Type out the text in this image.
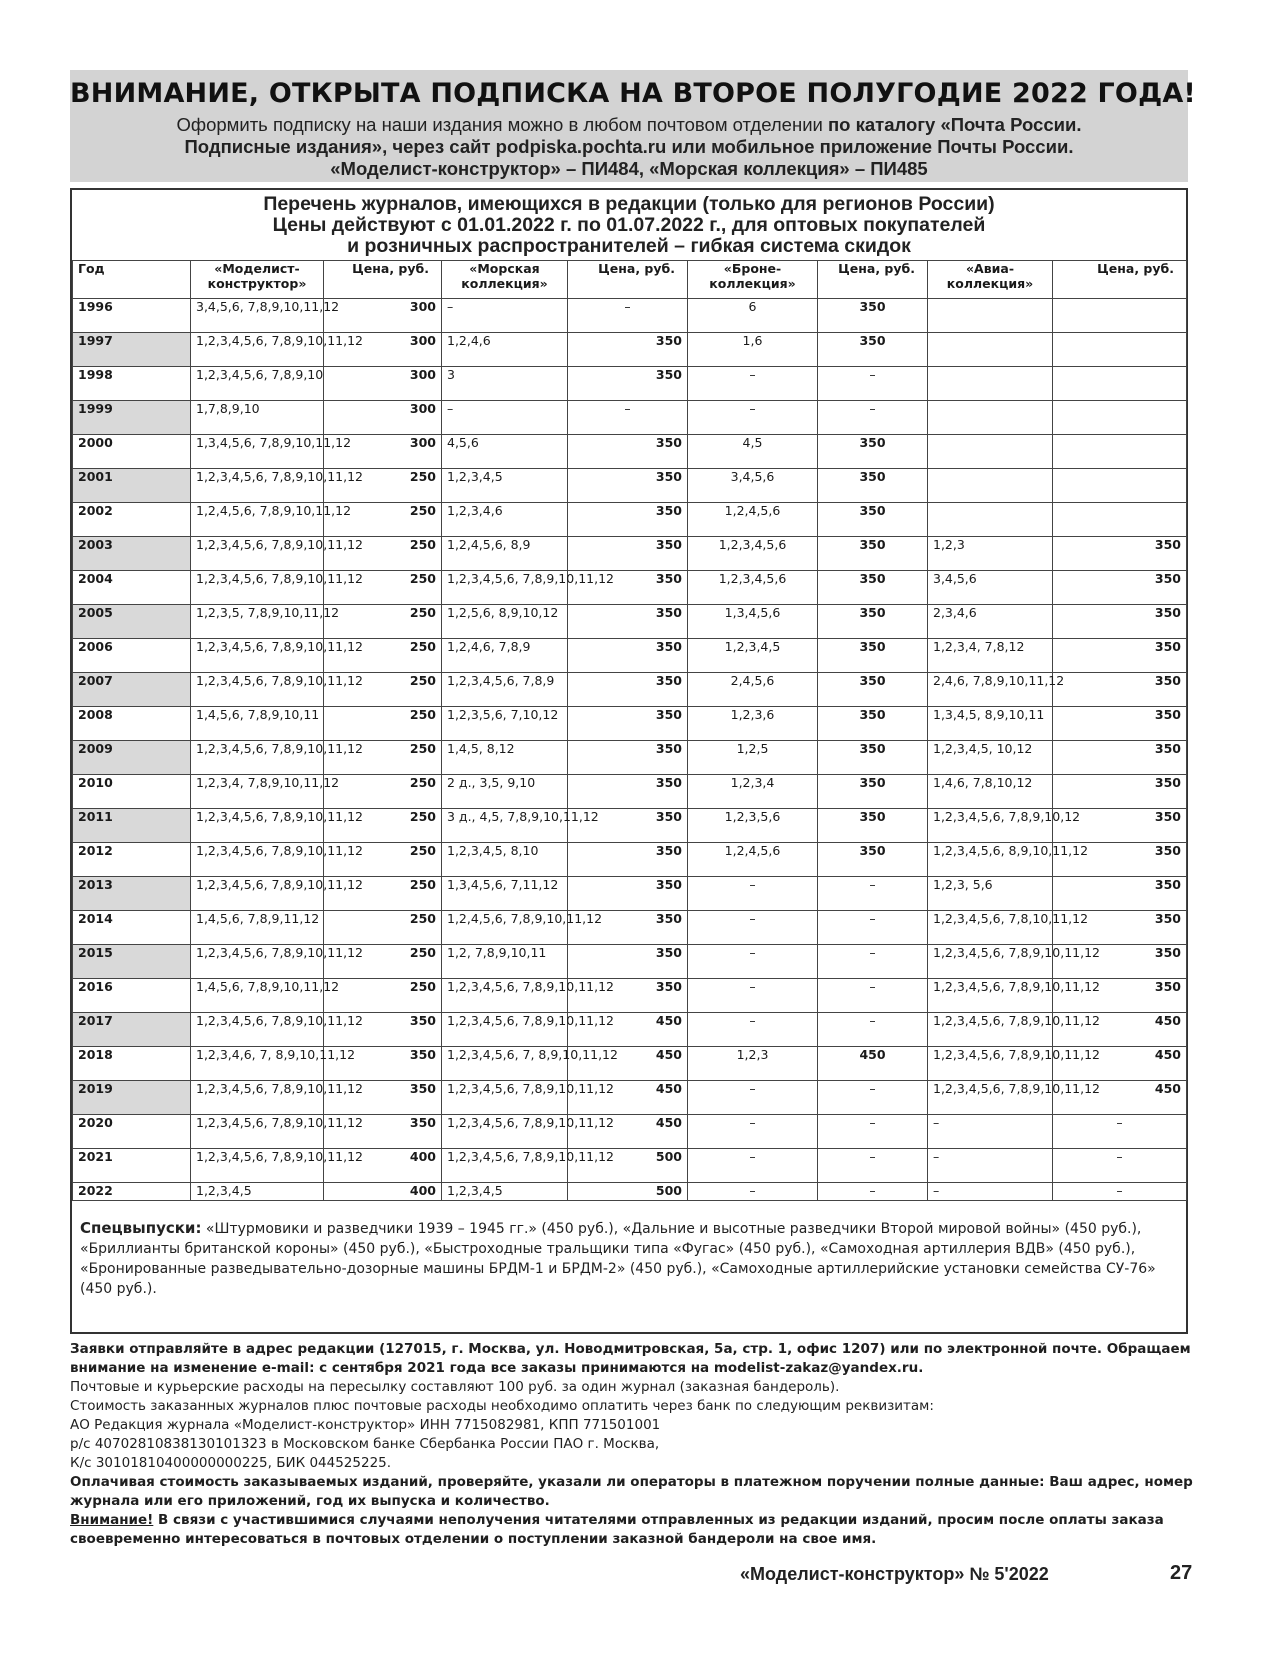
ВНИМАНИЕ, ОТКРЫТА ПОДПИСКА НА ВТОРОЕ ПОЛУГОДИЕ 2022 ГОДА!
Оформить подписку на наши издания можно в любом почтовом отделении по каталогу «Почта России.
Подписные издания», через сайт podpiska.pochta.ru или мобильное приложение Почты России.
«Моделист-конструктор» – ПИ484, «Морская коллекция» – ПИ485
Перечень журналов, имеющихся в редакции (только для регионов России)
Цены действуют с 01.01.2022 г. по 01.07.2022 г., для оптовых покупателей
и розничных распространителей – гибкая система скидок
Год	«Моделист-конструктор»	Цена, руб.	«Морская коллекция»	Цена, руб.	«Броне-коллекция»	Цена, руб.	«Авиа-коллекция»	Цена, руб.
1996	3,4,5,6, 7,8,9,10,11,12	300	–	–	6	350		
1997	1,2,3,4,5,6, 7,8,9,10,11,12	300	1,2,4,6	350	1,6	350		
1998	1,2,3,4,5,6, 7,8,9,10	300	3	350	–	–		
1999	1,7,8,9,10	300	–	–	–	–		
2000	1,3,4,5,6, 7,8,9,10,11,12	300	4,5,6	350	4,5	350		
2001	1,2,3,4,5,6, 7,8,9,10,11,12	250	1,2,3,4,5	350	3,4,5,6	350		
2002	1,2,4,5,6, 7,8,9,10,11,12	250	1,2,3,4,6	350	1,2,4,5,6	350		
2003	1,2,3,4,5,6, 7,8,9,10,11,12	250	1,2,4,5,6, 8,9	350	1,2,3,4,5,6	350	1,2,3	350
2004	1,2,3,4,5,6, 7,8,9,10,11,12	250	1,2,3,4,5,6, 7,8,9,10,11,12	350	1,2,3,4,5,6	350	3,4,5,6	350
2005	1,2,3,5, 7,8,9,10,11,12	250	1,2,5,6, 8,9,10,12	350	1,3,4,5,6	350	2,3,4,6	350
2006	1,2,3,4,5,6, 7,8,9,10,11,12	250	1,2,4,6, 7,8,9	350	1,2,3,4,5	350	1,2,3,4, 7,8,12	350
2007	1,2,3,4,5,6, 7,8,9,10,11,12	250	1,2,3,4,5,6, 7,8,9	350	2,4,5,6	350	2,4,6, 7,8,9,10,11,12	350
2008	1,4,5,6, 7,8,9,10,11	250	1,2,3,5,6, 7,10,12	350	1,2,3,6	350	1,3,4,5, 8,9,10,11	350
2009	1,2,3,4,5,6, 7,8,9,10,11,12	250	1,4,5, 8,12	350	1,2,5	350	1,2,3,4,5, 10,12	350
2010	1,2,3,4, 7,8,9,10,11,12	250	2 д., 3,5, 9,10	350	1,2,3,4	350	1,4,6, 7,8,10,12	350
2011	1,2,3,4,5,6, 7,8,9,10,11,12	250	3 д., 4,5, 7,8,9,10,11,12	350	1,2,3,5,6	350	1,2,3,4,5,6, 7,8,9,10,12	350
2012	1,2,3,4,5,6, 7,8,9,10,11,12	250	1,2,3,4,5, 8,10	350	1,2,4,5,6	350	1,2,3,4,5,6, 8,9,10,11,12	350
2013	1,2,3,4,5,6, 7,8,9,10,11,12	250	1,3,4,5,6, 7,11,12	350	–	–	1,2,3, 5,6	350
2014	1,4,5,6, 7,8,9,11,12	250	1,2,4,5,6, 7,8,9,10,11,12	350	–	–	1,2,3,4,5,6, 7,8,10,11,12	350
2015	1,2,3,4,5,6, 7,8,9,10,11,12	250	1,2, 7,8,9,10,11	350	–	–	1,2,3,4,5,6, 7,8,9,10,11,12	350
2016	1,4,5,6, 7,8,9,10,11,12	250	1,2,3,4,5,6, 7,8,9,10,11,12	350	–	–	1,2,3,4,5,6, 7,8,9,10,11,12	350
2017	1,2,3,4,5,6, 7,8,9,10,11,12	350	1,2,3,4,5,6, 7,8,9,10,11,12	450	–	–	1,2,3,4,5,6, 7,8,9,10,11,12	450
2018	1,2,3,4,6, 7, 8,9,10,11,12	350	1,2,3,4,5,6, 7, 8,9,10,11,12	450	1,2,3	450	1,2,3,4,5,6, 7,8,9,10,11,12	450
2019	1,2,3,4,5,6, 7,8,9,10,11,12	350	1,2,3,4,5,6, 7,8,9,10,11,12	450	–	–	1,2,3,4,5,6, 7,8,9,10,11,12	450
2020	1,2,3,4,5,6, 7,8,9,10,11,12	350	1,2,3,4,5,6, 7,8,9,10,11,12	450	–	–	–	–
2021	1,2,3,4,5,6, 7,8,9,10,11,12	400	1,2,3,4,5,6, 7,8,9,10,11,12	500	–	–	–	–
2022	1,2,3,4,5	400	1,2,3,4,5	500	–	–	–	–
Спецвыпуски: «Штурмовики и разведчики 1939 – 1945 гг.» (450 руб.), «Дальние и высотные разведчики Второй мировой войны» (450 руб.), «Бриллианты британской короны» (450 руб.), «Быстроходные тральщики типа «Фугас» (450 руб.), «Самоходная артиллерия ВДВ» (450 руб.), «Бронированные разведывательно-дозорные машины БРДМ-1 и БРДМ-2» (450 руб.), «Самоходные артиллерийские установки семейства СУ-76» (450 руб.).
Заявки отправляйте в адрес редакции (127015, г. Москва, ул. Новодмитровская, 5а, стр. 1, офис 1207) или по электронной почте. Обращаем внимание на изменение e-mail: с сентября 2021 года все заказы принимаются на modelist-zakaz@yandex.ru.
Почтовые и курьерские расходы на пересылку составляют 100 руб. за один журнал (заказная бандероль).
Стоимость заказанных журналов плюс почтовые расходы необходимо оплатить через банк по следующим реквизитам:
АО Редакция журнала «Моделист-конструктор» ИНН 7715082981, КПП 771501001
р/с 40702810838130101323 в Московском банке Сбербанка России ПАО г. Москва,
К/с 30101810400000000225, БИК 044525225.
Оплачивая стоимость заказываемых изданий, проверяйте, указали ли операторы в платежном поручении полные данные: Ваш адрес, номер журнала или его приложений, год их выпуска и количество.
Внимание! В связи с участившимися случаями неполучения читателями отправленных из редакции изданий, просим после оплаты заказа своевременно интересоваться в почтовых отделении о поступлении заказной бандероли на свое имя.
«Моделист-конструктор» № 5'2022	27
